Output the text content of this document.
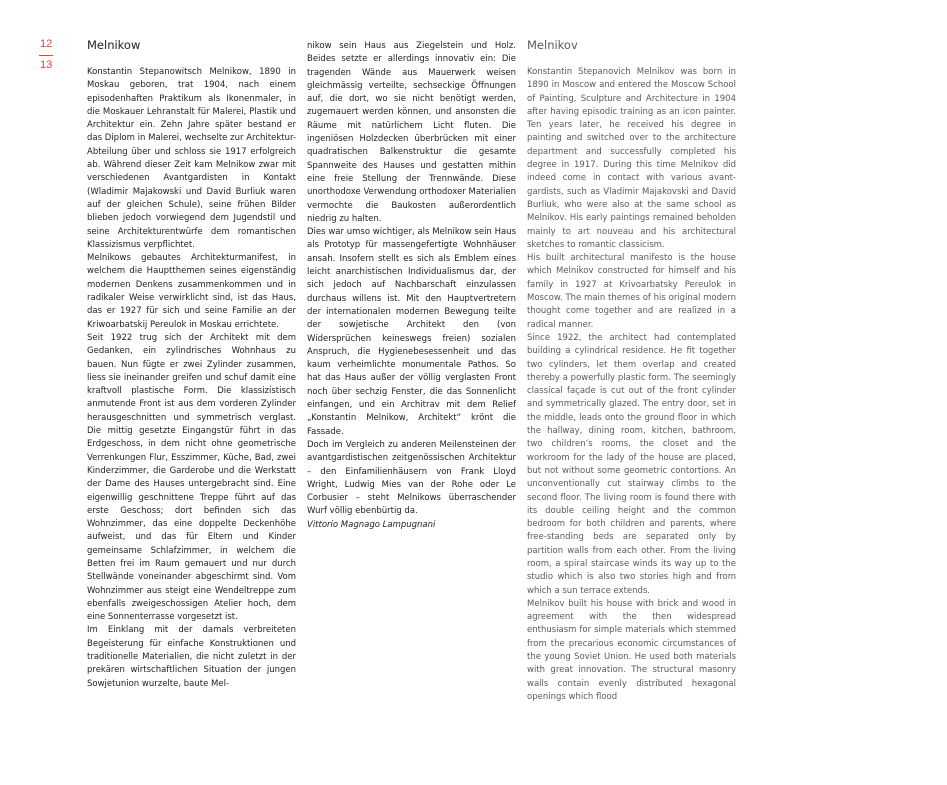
12
13
Melnikow

Konstantin Stepanowitsch Melnikow, 1890 in Moskau geboren, trat 1904, nach einem episodenhaften Praktikum als Ikonenmaler, in die Moskauer Lehranstalt für Malerei, Plastik und Architektur ein. Zehn Jahre später bestand er das Diplom in Malerei, wechselte zur Architektur-Abteilung über und schloss sie 1917 erfolgreich ab. Während dieser Zeit kam Melnikow zwar mit verschiedenen Avantgardisten in Kontakt (Wladimir Majakowski und David Burliuk waren auf der gleichen Schule), seine frühen Bilder blieben jedoch vorwiegend dem Jugendstil und seine Architekturentwürfe dem romantischen Klassizismus verpflichtet.

Melnikows gebautes Architekturmanifest, in welchem die Hauptthemen seines eigenständig modernen Denkens zusammenkommen und in radikaler Weise verwirklicht sind, ist das Haus, das er 1927 für sich und seine Familie an der Kriwoarbatskij Pereulok in Moskau errichtete.

Seit 1922 trug sich der Architekt mit dem Gedanken, ein zylindrisches Wohnhaus zu bauen. Nun fügte er zwei Zylinder zusammen, liess sie ineinander greifen und schuf damit eine kraftvoll plastische Form. Die klassizistisch anmutende Front ist aus dem vorderen Zylinder herausgeschnitten und symmetrisch verglast. Die mittig gesetzte Eingangstür führt in das Erdgeschoss, in dem nicht ohne geometrische Verrenkungen Flur, Esszimmer, Küche, Bad, zwei Kinderzimmer, die Garderobe und die Werkstatt der Dame des Hauses untergebracht sind. Eine eigenwillig geschnittene Treppe führt auf das erste Geschoss; dort befinden sich das Wohnzimmer, das eine doppelte Deckenhöhe aufweist, und das für Eltern und Kinder gemeinsame Schlafzimmer, in welchem die Betten frei im Raum gemauert und nur durch Stellwände voneinander abgeschirmt sind. Vom Wohnzimmer aus steigt eine Wendeltreppe zum ebenfalls zweigeschossigen Atelier hoch, dem eine Sonnenterrasse vorgesetzt ist.

Im Einklang mit der damals verbreiteten Begeisterung für einfache Konstruktionen und traditionelle Materialien, die nicht zuletzt in der prekären wirtschaftlichen Situation der jungen Sowjetunion wurzelte, baute Mel-

nikow sein Haus aus Ziegelstein und Holz. Beides setzte er allerdings innovativ ein: Die tragenden Wände aus Mauerwerk weisen gleichmässig verteilte, sechseckige Öffnungen auf, die dort, wo sie nicht benötigt werden, zugemauert werden können, und ansonsten die Räume mit natürlichem Licht fluten. Die ingeniösen Holzdecken überbrücken mit einer quadratischen Balkenstruktur die gesamte Spannweite des Hauses und gestatten mithin eine freie Stellung der Trennwände. Diese unorthodoxe Verwendung orthodoxer Materialien vermochte die Baukosten außerordentlich niedrig zu halten.

Dies war umso wichtiger, als Melnikow sein Haus als Prototyp für massengefertigte Wohnhäuser ansah. Insofern stellt es sich als Emblem eines leicht anarchistischen Individualismus dar, der sich jedoch auf Nachbarschaft einzulassen durchaus willens ist. Mit den Hauptvertretern der internationalen modernen Bewegung teilte der sowjetische Architekt den (von Widersprüchen keineswegs freien) sozialen Anspruch, die Hygienebesessenheit und das kaum verheimlichte monumentale Pathos. So hat das Haus außer der völlig verglasten Front noch über sechzig Fenster, die das Sonnenlicht einfangen, und ein Architrav mit dem Relief „Konstantin Melnikow, Architekt“ krönt die Fassade.

Doch im Vergleich zu anderen Meilensteinen der avantgardistischen zeitgenössischen Architektur – den Einfamilienhäusern von Frank Lloyd Wright, Ludwig Mies van der Rohe oder Le Corbusier – steht Melnikows überraschender Wurf völlig ebenbürtig da.

Vittorio Magnago Lampugnani

Melnikov

Konstantin Stepanovich Melnikov was born in 1890 in Moscow and entered the Moscow School of Painting, Sculpture and Architecture in 1904 after having episodic training as an icon painter. Ten years later, he received his degree in painting and switched over to the architecture department and successfully completed his degree in 1917. During this time Melnikov did indeed come in contact with various avant-gardists, such as Vladimir Majakovski and David Burliuk, who were also at the same school as Melnikov. His early paintings remained beholden mainly to art nouveau and his architectural sketches to romantic classicism.

His built architectural manifesto is the house which Melnikov constructed for himself and his family in 1927 at Krivoarbatsky Pereulok in Moscow. The main themes of his original modern thought come together and are realized in a radical manner.

Since 1922, the architect had contemplated building a cylindrical residence. He fit together two cylinders, let them overlap and created thereby a powerfully plastic form. The seemingly classical façade is cut out of the front cylinder and symmetrically glazed. The entry door, set in the middle, leads onto the ground floor in which the hallway, dining room, kitchen, bathroom, two children’s rooms, the closet and the workroom for the lady of the house are placed, but not without some geometric contortions. An unconventionally cut stairway climbs to the second floor. The living room is found there with its double ceiling height and the common bedroom for both children and parents, where free-standing beds are separated only by partition walls from each other. From the living room, a spiral staircase winds its way up to the studio which is also two stories high and from which a sun terrace extends.

Melnikov built his house with brick and wood in agreement with the then widespread enthusiasm for simple materials which stemmed from the precarious economic circumstances of the young Soviet Union. He used both materials with great innovation. The structural masonry walls contain evenly distributed hexagonal openings which flood
